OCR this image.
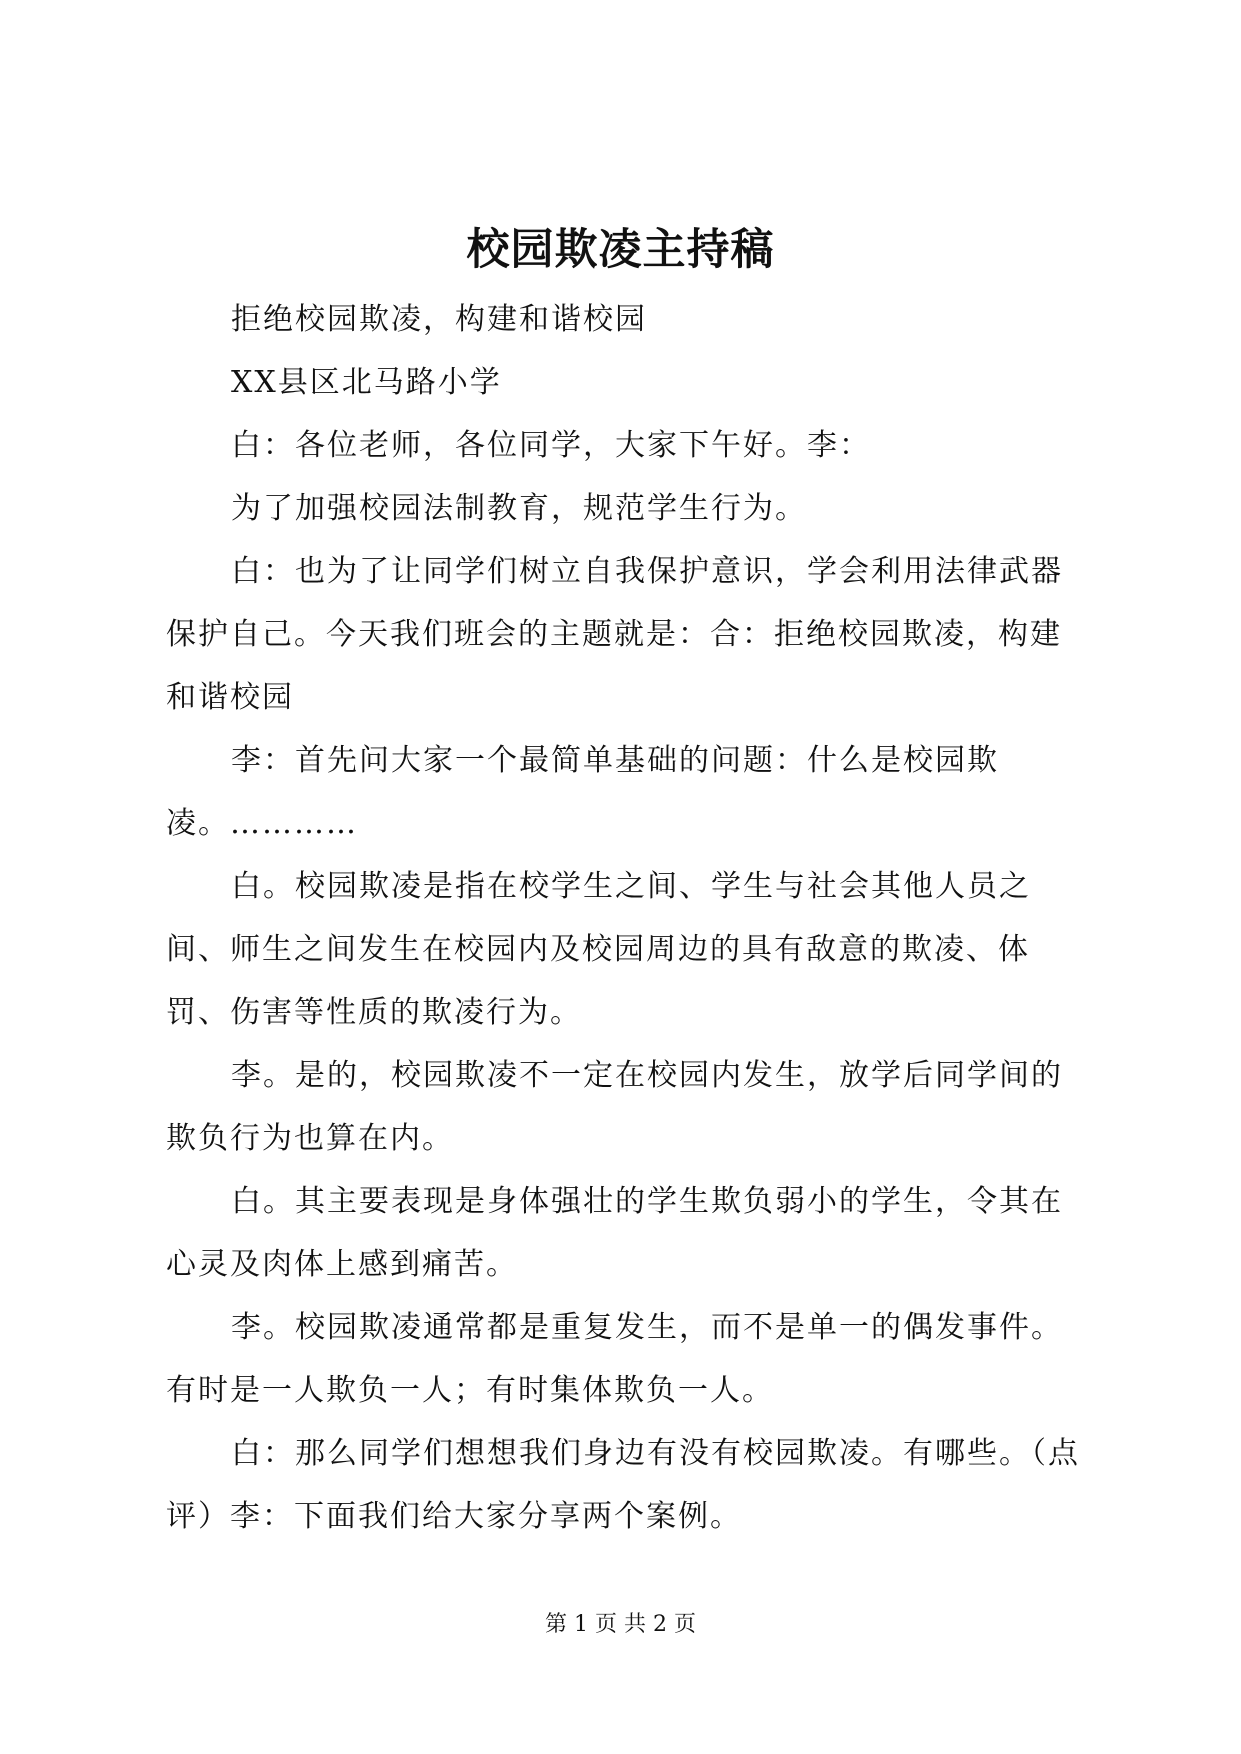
校园欺凌主持稿

拒绝校园欺凌，构建和谐校园

XX县区北马路小学

白：各位老师，各位同学，大家下午好。李：

为了加强校园法制教育，规范学生行为。

白：也为了让同学们树立自我保护意识，学会利用法律武器保护自己。今天我们班会的主题就是：合：拒绝校园欺凌，构建和谐校园

李：首先问大家一个最简单基础的问题：什么是校园欺凌。…………

白。校园欺凌是指在校学生之间、学生与社会其他人员之间、师生之间发生在校园内及校园周边的具有敌意的欺凌、体罚、伤害等性质的欺凌行为。

李。是的，校园欺凌不一定在校园内发生，放学后同学间的欺负行为也算在内。

白。其主要表现是身体强壮的学生欺负弱小的学生，令其在心灵及肉体上感到痛苦。

李。校园欺凌通常都是重复发生，而不是单一的偶发事件。有时是一人欺负一人；有时集体欺负一人。

白：那么同学们想想我们身边有没有校园欺凌。有哪些。（点评）李：下面我们给大家分享两个案例。

第 1 页 共 2 页
